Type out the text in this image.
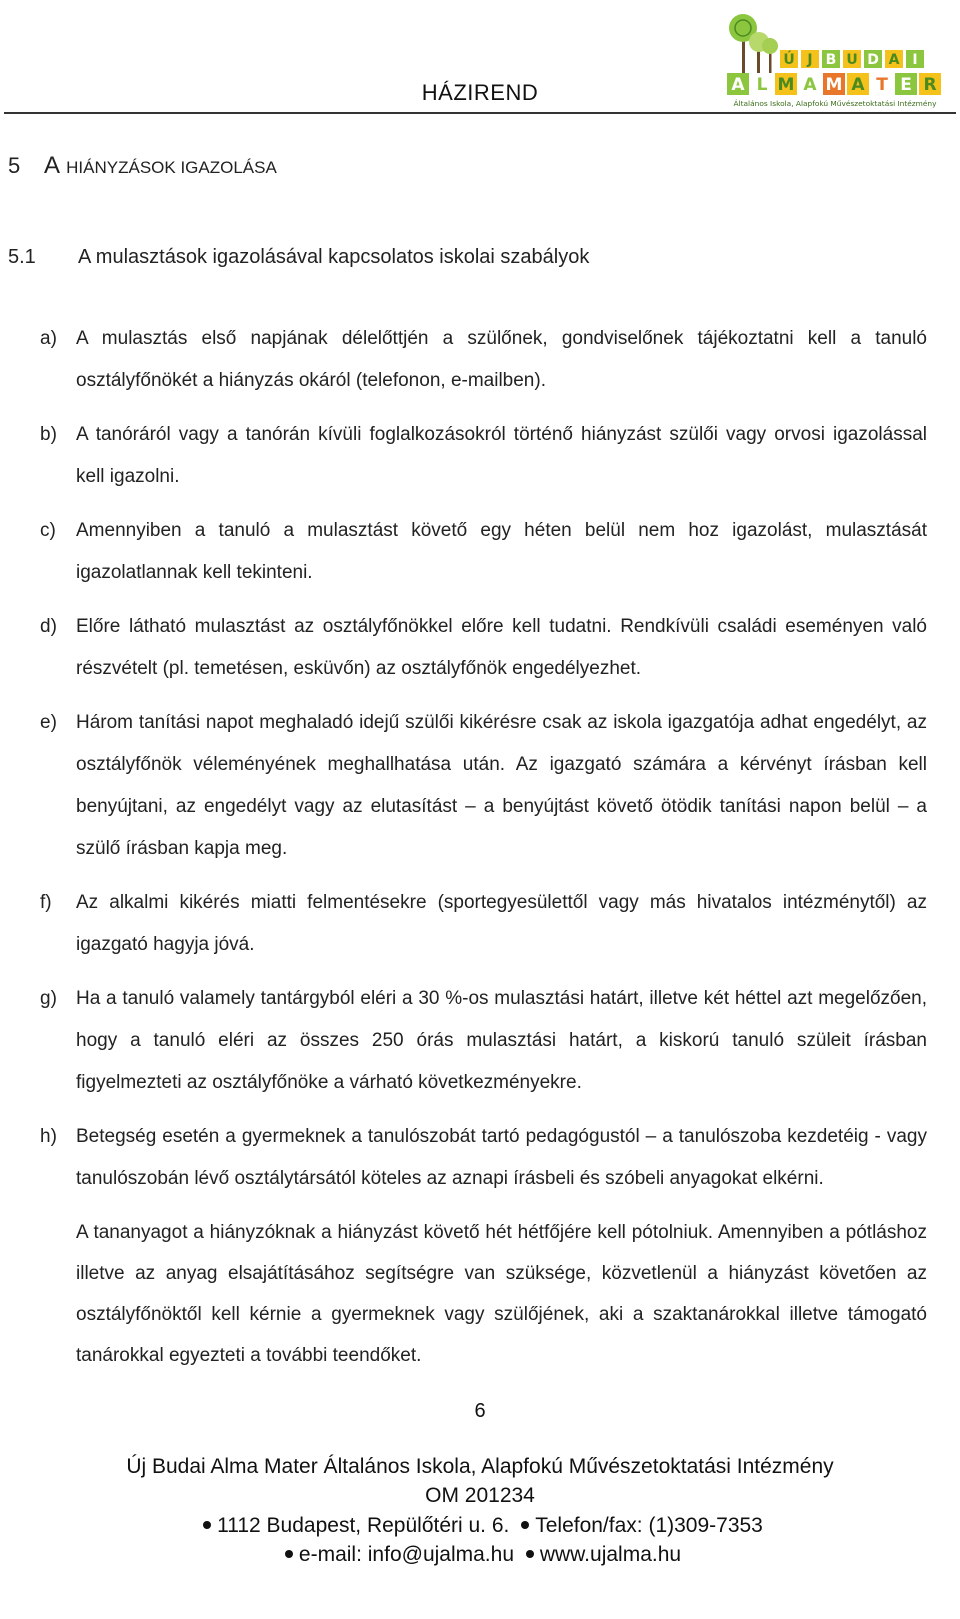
HÁZIREND
Ú J B U D A I
A L M A M A T E R
Általános Iskola, Alapfokú Művészetoktatási Intézmény
5 A HIÁNYZÁSOK IGAZOLÁSA
5.1 A mulasztások igazolásával kapcsolatos iskolai szabályok
a)	A mulasztás első napjának délelőttjén a szülőnek, gondviselőnek tájékoztatni kell a tanuló osztályfőnökét a hiányzás okáról (telefonon, e-mailben).
b)	A tanóráról vagy a tanórán kívüli foglalkozásokról történő hiányzást szülői vagy orvosi igazolással kell igazolni.
c)	Amennyiben a tanuló a mulasztást követő egy héten belül nem hoz igazolást, mulasztását igazolatlannak kell tekinteni.
d)	Előre látható mulasztást az osztályfőnökkel előre kell tudatni. Rendkívüli családi eseményen való részvételt (pl. temetésen, esküvőn) az osztályfőnök engedélyezhet.
e)	Három tanítási napot meghaladó idejű szülői kikérésre csak az iskola igazgatója adhat engedélyt, az osztályfőnök véleményének meghallhatása után. Az igazgató számára a kérvényt írásban kell benyújtani, az engedélyt vagy az elutasítást – a benyújtást követő ötödik tanítási napon belül – a szülő írásban kapja meg.
f)	Az alkalmi kikérés miatti felmentésekre (sportegyesülettől vagy más hivatalos intézménytől) az igazgató hagyja jóvá.
g)	Ha a tanuló valamely tantárgyból eléri a 30 %-os mulasztási határt, illetve két héttel azt megelőzően, hogy a tanuló eléri az összes 250 órás mulasztási határt, a kiskorú tanuló szüleit írásban figyelmezteti az osztályfőnöke a várható következményekre.
h)	Betegség esetén a gyermeknek a tanulószobát tartó pedagógustól – a tanulószoba kezdetéig - vagy tanulószobán lévő osztálytársától köteles az aznapi írásbeli és szóbeli anyagokat elkérni.
A tananyagot a hiányzóknak a hiányzást követő hét hétfőjére kell pótolniuk. Amennyiben a pótláshoz illetve az anyag elsajátításához segítségre van szüksége, közvetlenül a hiányzást követően az osztályfőnöktől kell kérnie a gyermeknek vagy szülőjének, aki a szaktanárokkal illetve támogató tanárokkal egyezteti a további teendőket.
6
Új Budai Alma Mater Általános Iskola, Alapfokú Művészetoktatási Intézmény
OM 201234
1112 Budapest, Repülőtéri u. 6. Telefon/fax: (1)309-7353
e-mail: info@ujalma.hu www.ujalma.hu
